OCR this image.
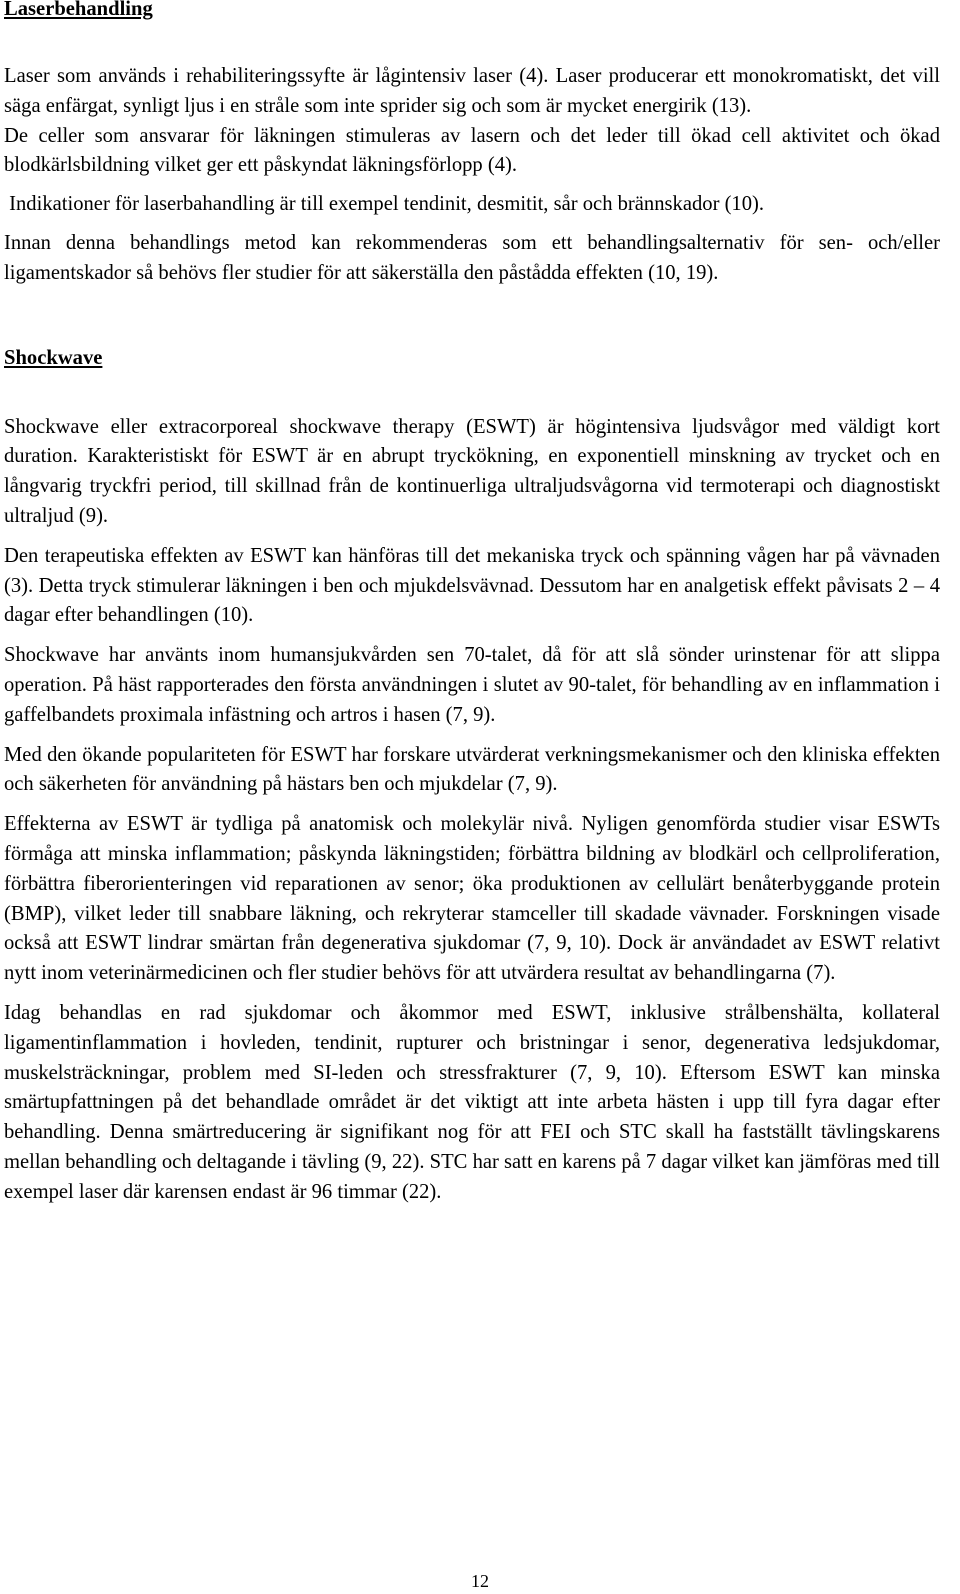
Laserbehandling

Laser som används i rehabiliteringssyfte är lågintensiv laser (4). Laser producerar ett monokromatiskt, det vill säga enfärgat, synligt ljus i en stråle som inte sprider sig och som är mycket energirik (13).

De celler som ansvarar för läkningen stimuleras av lasern och det leder till ökad cell aktivitet och ökad blodkärlsbildning vilket ger ett påskyndat läkningsförlopp (4).

Indikationer för laserbahandling är till exempel tendinit, desmitit, sår och brännskador (10).

Innan denna behandlings metod kan rekommenderas som ett behandlingsalternativ för sen- och/eller ligamentskador så behövs fler studier för att säkerställa den påstådda effekten (10, 19).

Shockwave

Shockwave eller extracorporeal shockwave therapy (ESWT) är högintensiva ljudsvågor med väldigt kort duration. Karakteristiskt för ESWT är en abrupt tryckökning, en exponentiell minskning av trycket och en långvarig tryckfri period, till skillnad från de kontinuerliga ultraljudsvågorna vid termoterapi och diagnostiskt ultraljud (9).

Den terapeutiska effekten av ESWT kan hänföras till det mekaniska tryck och spänning vågen har på vävnaden (3). Detta tryck stimulerar läkningen i ben och mjukdelsvävnad. Dessutom har en analgetisk effekt påvisats 2 – 4 dagar efter behandlingen (10).

Shockwave har använts inom humansjukvården sen 70-talet, då för att slå sönder urinstenar för att slippa operation. På häst rapporterades den första användningen i slutet av 90-talet, för behandling av en inflammation i gaffelbandets proximala infästning och artros i hasen (7, 9).

Med den ökande populariteten för ESWT har forskare utvärderat verkningsmekanismer och den kliniska effekten och säkerheten för användning på hästars ben och mjukdelar (7, 9).

Effekterna av ESWT är tydliga på anatomisk och molekylär nivå. Nyligen genomförda studier visar ESWTs förmåga att minska inflammation; påskynda läkningstiden; förbättra bildning av blodkärl och cellproliferation, förbättra fiberorienteringen vid reparationen av senor; öka produktionen av cellulärt benåterbyggande protein (BMP), vilket leder till snabbare läkning, och rekryterar stamceller till skadade vävnader. Forskningen visade också att ESWT lindrar smärtan från degenerativa sjukdomar (7, 9, 10). Dock är användadet av ESWT relativt nytt inom veterinärmedicinen och fler studier behövs för att utvärdera resultat av behandlingarna (7).

Idag behandlas en rad sjukdomar och åkommor med ESWT, inklusive strålbenshälta, kollateral ligamentinflammation i hovleden, tendinit, rupturer och bristningar i senor, degenerativa ledsjukdomar, muskelsträckningar, problem med SI-leden och stressfrakturer (7, 9, 10). Eftersom ESWT kan minska smärtupfattningen på det behandlade området är det viktigt att inte arbeta hästen i upp till fyra dagar efter behandling. Denna smärtreducering är signifikant nog för att FEI och STC skall ha fastställt tävlingskarens mellan behandling och deltagande i tävling (9, 22). STC har satt en karens på 7 dagar vilket kan jämföras med till exempel laser där karensen endast är 96 timmar (22).

12
